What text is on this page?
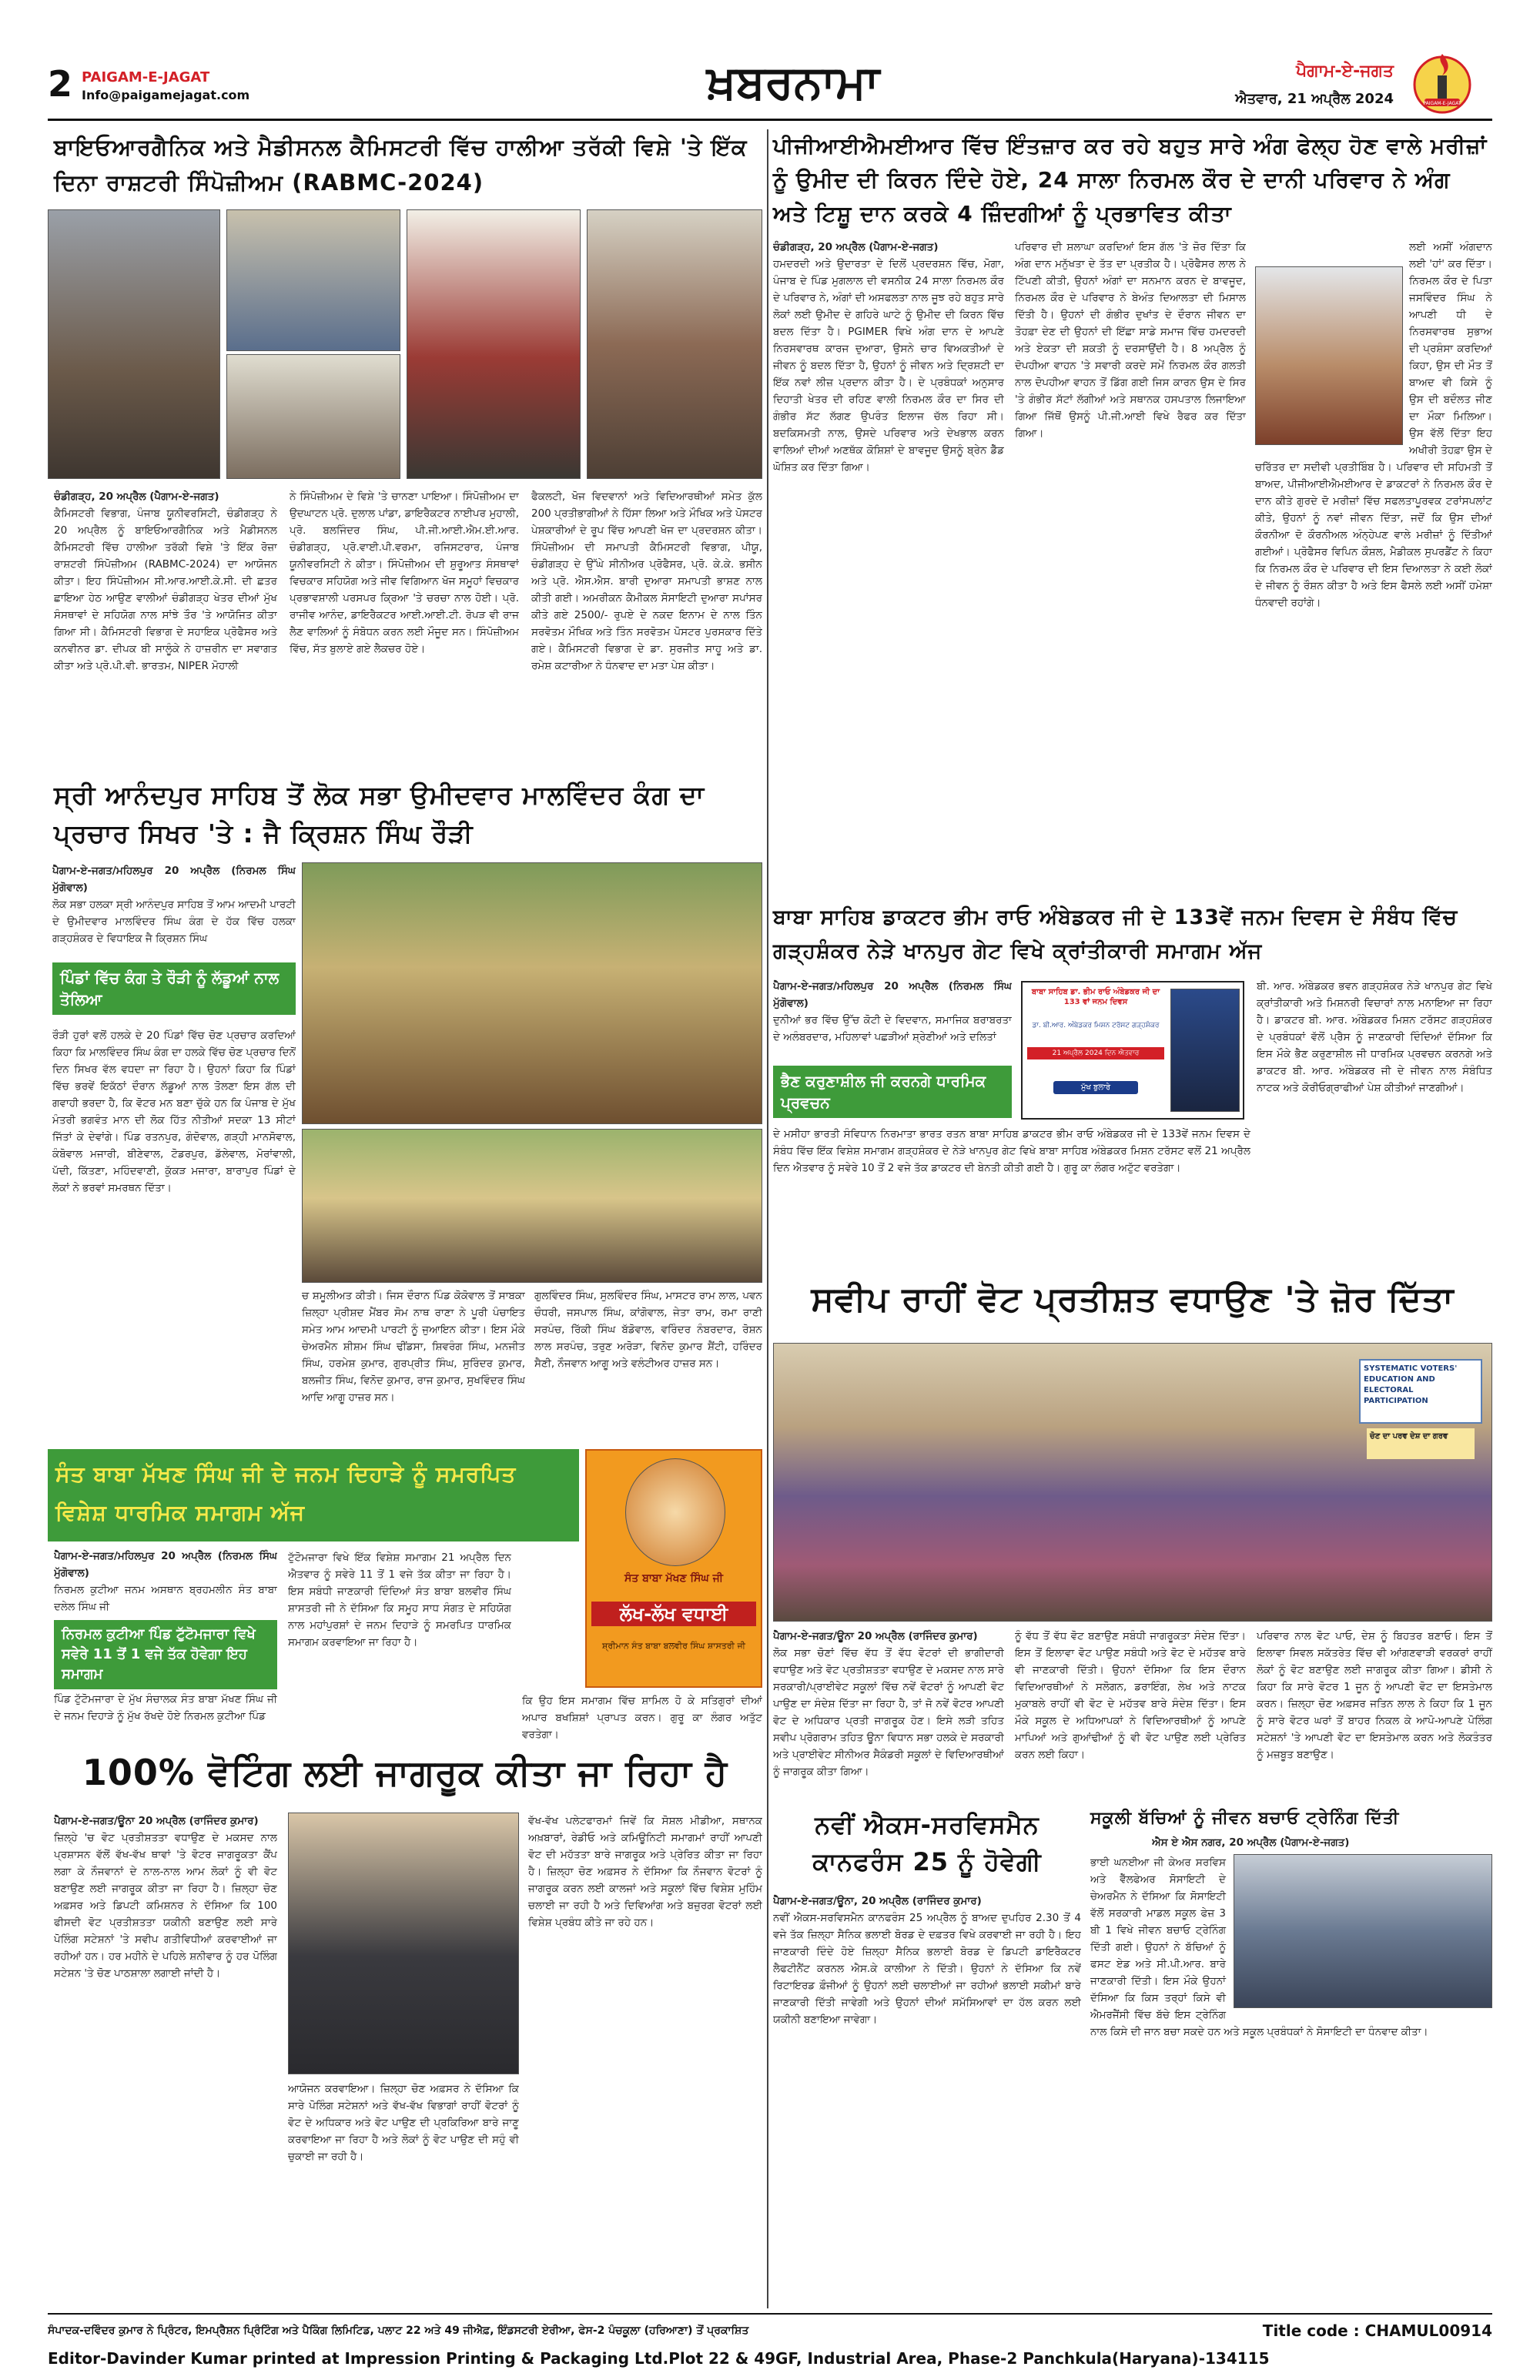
2 PAIGAM-E-JAGAT
Info@paigamejagat.com	ਖ਼ਬਰਨਾਮਾ	ਪੈਗਾਮ-ਏ-ਜਗਤ
ਐਤਵਾਰ, 21 ਅਪ੍ਰੈਲ 2024	PAIGAM-E-JAGAT
ਬਾਇਓਆਰਗੈਨਿਕ ਅਤੇ ਮੈਡੀਸਨਲ ਕੈਮਿਸਟਰੀ ਵਿੱਚ ਹਾਲੀਆ ਤਰੱਕੀ ਵਿਸ਼ੇ 'ਤੇ ਇੱਕ ਦਿਨਾ ਰਾਸ਼ਟਰੀ ਸਿੰਪੋਜ਼ੀਅਮ (RABMC-2024)

ਚੰਡੀਗੜ੍ਹ, 20 ਅਪ੍ਰੈਲ (ਪੈਗਾਮ-ਏ-ਜਗਤ)

ਕੈਮਿਸਟਰੀ ਵਿਭਾਗ, ਪੰਜਾਬ ਯੂਨੀਵਰਸਿਟੀ, ਚੰਡੀਗੜ੍ਹ ਨੇ 20 ਅਪ੍ਰੈਲ ਨੂੰ ਬਾਇਓਆਰਗੈਨਿਕ ਅਤੇ ਮੈਡੀਸਨਲ ਕੈਮਿਸਟਰੀ ਵਿੱਚ ਹਾਲੀਆ ਤਰੱਕੀ ਵਿਸ਼ੇ 'ਤੇ ਇੱਕ ਰੋਜ਼ਾ ਰਾਸ਼ਟਰੀ ਸਿੰਪੋਜ਼ੀਅਮ (RABMC-2024) ਦਾ ਆਯੋਜਨ ਕੀਤਾ। ਇਹ ਸਿੰਪੋਜ਼ੀਅਮ ਸੀ.ਆਰ.ਆਈ.ਕੇ.ਸੀ. ਦੀ ਛਤਰ ਛਾਇਆ ਹੇਠ ਆਉਣ ਵਾਲੀਆਂ ਚੰਡੀਗੜ੍ਹ ਖੇਤਰ ਦੀਆਂ ਮੁੱਖ ਸੰਸਥਾਵਾਂ ਦੇ ਸਹਿਯੋਗ ਨਾਲ ਸਾਂਝੇ ਤੌਰ 'ਤੇ ਆਯੋਜਿਤ ਕੀਤਾ ਗਿਆ ਸੀ। ਕੈਮਿਸਟਰੀ ਵਿਭਾਗ ਦੇ ਸਹਾਇਕ ਪ੍ਰੋਫੈਸਰ ਅਤੇ ਕਨਵੀਨਰ ਡਾ. ਦੀਪਕ ਬੀ ਸਾਲੂੰਕੇ ਨੇ ਹਾਜ਼ਰੀਨ ਦਾ ਸਵਾਗਤ ਕੀਤਾ ਅਤੇ ਪ੍ਰੋ.ਪੀ.ਵੀ. ਭਾਰਤਮ, NIPER ਮੋਹਾਲੀ

ਨੇ ਸਿੰਪੋਜ਼ੀਅਮ ਦੇ ਵਿਸ਼ੇ 'ਤੇ ਚਾਨਣਾ ਪਾਇਆ। ਸਿੰਪੋਜ਼ੀਅਮ ਦਾ ਉਦਘਾਟਨ ਪ੍ਰੋ. ਦੁਲਾਲ ਪਾਂਡਾ, ਡਾਇਰੈਕਟਰ ਨਾਈਪਰ ਮੁਹਾਲੀ, ਪ੍ਰੋ. ਬਲਜਿੰਦਰ ਸਿੰਘ, ਪੀ.ਜੀ.ਆਈ.ਐਮ.ਈ.ਆਰ. ਚੰਡੀਗੜ੍ਹ, ਪ੍ਰੋ.ਵਾਈ.ਪੀ.ਵਰਮਾ, ਰਜਿਸਟਰਾਰ, ਪੰਜਾਬ ਯੂਨੀਵਰਸਿਟੀ ਨੇ ਕੀਤਾ। ਸਿੰਪੋਜ਼ੀਅਮ ਦੀ ਸ਼ੁਰੂਆਤ ਸੰਸਥਾਵਾਂ ਵਿਚਕਾਰ ਸਹਿਯੋਗ ਅਤੇ ਜੀਵ ਵਿਗਿਆਨ ਖੋਜ ਸਮੂਹਾਂ ਵਿਚਕਾਰ ਪ੍ਰਭਾਵਸ਼ਾਲੀ ਪਰਸਪਰ ਕ੍ਰਿਆ 'ਤੇ ਚਰਚਾ ਨਾਲ ਹੋਈ। ਪ੍ਰੋ. ਰਾਜੀਵ ਆਨੰਦ, ਡਾਇਰੈਕਟਰ ਆਈ.ਆਈ.ਟੀ. ਰੋਪੜ ਵੀ ਰਾਜ ਲੈਣ ਵਾਲਿਆਂ ਨੂੰ ਸੰਬੋਧਨ ਕਰਨ ਲਈ ਮੌਜੂਦ ਸਨ। ਸਿੰਪੋਜ਼ੀਅਮ ਵਿੱਚ, ਸੱਤ ਬੁਲਾਏ ਗਏ ਲੈਕਚਰ ਹੋਏ।

ਫੈਕਲਟੀ, ਖੋਜ ਵਿਦਵਾਨਾਂ ਅਤੇ ਵਿਦਿਆਰਥੀਆਂ ਸਮੇਤ ਕੁੱਲ 200 ਪ੍ਰਤੀਭਾਗੀਆਂ ਨੇ ਹਿੱਸਾ ਲਿਆ ਅਤੇ ਮੌਖਿਕ ਅਤੇ ਪੋਸਟਰ ਪੇਸ਼ਕਾਰੀਆਂ ਦੇ ਰੂਪ ਵਿੱਚ ਆਪਣੀ ਖੋਜ ਦਾ ਪ੍ਰਦਰਸ਼ਨ ਕੀਤਾ। ਸਿੰਪੋਜ਼ੀਅਮ ਦੀ ਸਮਾਪਤੀ ਕੈਮਿਸਟਰੀ ਵਿਭਾਗ, ਪੀਯੂ, ਚੰਡੀਗੜ੍ਹ ਦੇ ਉੱਘੇ ਸੀਨੀਅਰ ਪ੍ਰੋਫੈਸਰ, ਪ੍ਰੋ. ਕੇ.ਕੇ. ਭਸੀਨ ਅਤੇ ਪ੍ਰੋ. ਐਸ.ਐਸ. ਬਾਰੀ ਦੁਆਰਾ ਸਮਾਪਤੀ ਭਾਸ਼ਣ ਨਾਲ ਕੀਤੀ ਗਈ। ਅਮਰੀਕਨ ਕੈਮੀਕਲ ਸੋਸਾਇਟੀ ਦੁਆਰਾ ਸਪਾਂਸਰ ਕੀਤੇ ਗਏ 2500/- ਰੁਪਏ ਦੇ ਨਕਦ ਇਨਾਮ ਦੇ ਨਾਲ ਤਿੰਨ ਸਰਵੋਤਮ ਮੌਖਿਕ ਅਤੇ ਤਿੰਨ ਸਰਵੋਤਮ ਪੋਸਟਰ ਪੁਰਸਕਾਰ ਦਿੱਤੇ ਗਏ। ਕੈਮਿਸਟਰੀ ਵਿਭਾਗ ਦੇ ਡਾ. ਸੁਰਜੀਤ ਸਾਹੂ ਅਤੇ ਡਾ. ਰਮੇਸ਼ ਕਟਾਰੀਆ ਨੇ ਧੰਨਵਾਦ ਦਾ ਮਤਾ ਪੇਸ਼ ਕੀਤਾ।

ਪੀਜੀਆਈਐਮਈਆਰ ਵਿੱਚ ਇੰਤਜ਼ਾਰ ਕਰ ਰਹੇ ਬਹੁਤ ਸਾਰੇ ਅੰਗ ਫੇਲ੍ਹ ਹੋਣ ਵਾਲੇ ਮਰੀਜ਼ਾਂ ਨੂੰ ਉਮੀਦ ਦੀ ਕਿਰਨ ਦਿੰਦੇ ਹੋਏ, 24 ਸਾਲਾ ਨਿਰਮਲ ਕੌਰ ਦੇ ਦਾਨੀ ਪਰਿਵਾਰ ਨੇ ਅੰਗ ਅਤੇ ਟਿਸ਼ੂ ਦਾਨ ਕਰਕੇ 4 ਜ਼ਿੰਦਗੀਆਂ ਨੂੰ ਪ੍ਰਭਾਵਿਤ ਕੀਤਾ

ਚੰਡੀਗੜ੍ਹ, 20 ਅਪ੍ਰੈਲ (ਪੈਗਾਮ-ਏ-ਜਗਤ)

ਹਮਦਰਦੀ ਅਤੇ ਉਦਾਰਤਾ ਦੇ ਦਿਲੋਂ ਪ੍ਰਦਰਸ਼ਨ ਵਿੱਚ, ਮੋਗਾ, ਪੰਜਾਬ ਦੇ ਪਿੰਡ ਮੁਗਲਾਲ ਦੀ ਵਸਨੀਕ 24 ਸਾਲਾ ਨਿਰਮਲ ਕੌਰ ਦੇ ਪਰਿਵਾਰ ਨੇ, ਅੰਗਾਂ ਦੀ ਅਸਫਲਤਾ ਨਾਲ ਜੂਝ ਰਹੇ ਬਹੁਤ ਸਾਰੇ ਲੋਕਾਂ ਲਈ ਉਮੀਦ ਦੇ ਗਹਿਰੇ ਘਾਟੇ ਨੂੰ ਉਮੀਦ ਦੀ ਕਿਰਨ ਵਿੱਚ ਬਦਲ ਦਿੱਤਾ ਹੈ। PGIMER ਵਿਖੇ ਅੰਗ ਦਾਨ ਦੇ ਆਪਣੇ ਨਿਰਸਵਾਰਥ ਕਾਰਜ ਦੁਆਰਾ, ਉਸਨੇ ਚਾਰ ਵਿਅਕਤੀਆਂ ਦੇ ਜੀਵਨ ਨੂੰ ਬਦਲ ਦਿੱਤਾ ਹੈ, ਉਹਨਾਂ ਨੂੰ ਜੀਵਨ ਅਤੇ ਦ੍ਰਿਸ਼ਟੀ ਦਾ ਇੱਕ ਨਵਾਂ ਲੀਜ਼ ਪ੍ਰਦਾਨ ਕੀਤਾ ਹੈ। ਦੇ ਪ੍ਰਬੰਧਕਾਂ ਅਨੁਸਾਰ ਦਿਹਾਤੀ ਖੇਤਰ ਦੀ ਰਹਿਣ ਵਾਲੀ ਨਿਰਮਲ ਕੌਰ ਦਾ ਸਿਰ ਦੀ ਗੰਭੀਰ ਸੱਟ ਲੱਗਣ ਉਪਰੰਤ ਇਲਾਜ ਚੱਲ ਰਿਹਾ ਸੀ। ਬਦਕਿਸਮਤੀ ਨਾਲ, ਉਸਦੇ ਪਰਿਵਾਰ ਅਤੇ ਦੇਖਭਾਲ ਕਰਨ ਵਾਲਿਆਂ ਦੀਆਂ ਅਣਥੱਕ ਕੋਸ਼ਿਸ਼ਾਂ ਦੇ ਬਾਵਜੂਦ ਉਸਨੂੰ ਬ੍ਰੇਨ ਡੈੱਡ ਘੋਸ਼ਿਤ ਕਰ ਦਿੱਤਾ ਗਿਆ।

ਪਰਿਵਾਰ ਦੀ ਸ਼ਲਾਘਾ ਕਰਦਿਆਂ ਇਸ ਗੱਲ 'ਤੇ ਜ਼ੋਰ ਦਿੱਤਾ ਕਿ ਅੰਗ ਦਾਨ ਮਨੁੱਖਤਾ ਦੇ ਤੱਤ ਦਾ ਪ੍ਰਤੀਕ ਹੈ। ਪ੍ਰੋਫੈਸਰ ਲਾਲ ਨੇ ਟਿੱਪਣੀ ਕੀਤੀ, ਉਹਨਾਂ ਅੰਗਾਂ ਦਾ ਸਨਮਾਨ ਕਰਨ ਦੇ ਬਾਵਜੂਦ, ਨਿਰਮਲ ਕੌਰ ਦੇ ਪਰਿਵਾਰ ਨੇ ਬੇਅੰਤ ਦਿਆਲਤਾ ਦੀ ਮਿਸਾਲ ਦਿੱਤੀ ਹੈ। ਉਹਨਾਂ ਦੀ ਗੰਭੀਰ ਦੁਖਾਂਤ ਦੇ ਦੌਰਾਨ ਜੀਵਨ ਦਾ ਤੋਹਫ਼ਾ ਦੇਣ ਦੀ ਉਹਨਾਂ ਦੀ ਇੱਛਾ ਸਾਡੇ ਸਮਾਜ ਵਿੱਚ ਹਮਦਰਦੀ ਅਤੇ ਏਕਤਾ ਦੀ ਸ਼ਕਤੀ ਨੂੰ ਦਰਸਾਉਂਦੀ ਹੈ। 8 ਅਪ੍ਰੈਲ ਨੂੰ ਦੋਪਹੀਆ ਵਾਹਨ 'ਤੇ ਸਵਾਰੀ ਕਰਦੇ ਸਮੇਂ ਨਿਰਮਲ ਕੌਰ ਗਲਤੀ ਨਾਲ ਦੋਪਹੀਆ ਵਾਹਨ ਤੋਂ ਡਿੱਗ ਗਈ ਜਿਸ ਕਾਰਨ ਉਸ ਦੇ ਸਿਰ 'ਤੇ ਗੰਭੀਰ ਸੱਟਾਂ ਲੱਗੀਆਂ ਅਤੇ ਸਥਾਨਕ ਹਸਪਤਾਲ ਲਿਜਾਇਆ ਗਿਆ ਜਿੱਥੋਂ ਉਸਨੂੰ ਪੀ.ਜੀ.ਆਈ ਵਿਖੇ ਰੈਫਰ ਕਰ ਦਿੱਤਾ ਗਿਆ।

ਲਈ ਅਸੀਂ ਅੰਗਦਾਨ ਲਈ 'ਹਾਂ' ਕਰ ਦਿੱਤਾ। ਨਿਰਮਲ ਕੌਰ ਦੇ ਪਿਤਾ ਜਸਵਿੰਦਰ ਸਿੰਘ ਨੇ ਆਪਣੀ ਧੀ ਦੇ ਨਿਰਸਵਾਰਥ ਸੁਭਾਅ ਦੀ ਪ੍ਰਸ਼ੰਸਾ ਕਰਦਿਆਂ ਕਿਹਾ, ਉਸ ਦੀ ਮੌਤ ਤੋਂ ਬਾਅਦ ਵੀ ਕਿਸੇ ਨੂੰ ਉਸ ਦੀ ਬਦੌਲਤ ਜੀਣ ਦਾ ਮੌਕਾ ਮਿਲਿਆ। ਉਸ ਵੱਲੋਂ ਦਿੱਤਾ ਇਹ ਅਖੀਰੀ ਤੋਹਫ਼ਾ ਉਸ ਦੇ ਚਰਿੱਤਰ ਦਾ ਸਦੀਵੀ ਪ੍ਰਤੀਬਿੰਬ ਹੈ। ਪਰਿਵਾਰ ਦੀ ਸਹਿਮਤੀ ਤੋਂ ਬਾਅਦ, ਪੀਜੀਆਈਐਮਈਆਰ ਦੇ ਡਾਕਟਰਾਂ ਨੇ ਨਿਰਮਲ ਕੌਰ ਦੇ ਦਾਨ ਕੀਤੇ ਗੁਰਦੇ ਦੋ ਮਰੀਜ਼ਾਂ ਵਿੱਚ ਸਫਲਤਾਪੂਰਵਕ ਟਰਾਂਸਪਲਾਂਟ ਕੀਤੇ, ਉਹਨਾਂ ਨੂੰ ਨਵਾਂ ਜੀਵਨ ਦਿੱਤਾ, ਜਦੋਂ ਕਿ ਉਸ ਦੀਆਂ ਕੌਰਨੀਆ ਦੋ ਕੌਰਨੀਅਲ ਅੰਨ੍ਹੇਪਣ ਵਾਲੇ ਮਰੀਜ਼ਾਂ ਨੂੰ ਦਿੱਤੀਆਂ ਗਈਆਂ। ਪ੍ਰੋਫੈਸਰ ਵਿਪਿਨ ਕੌਸ਼ਲ, ਮੈਡੀਕਲ ਸੁਪਰਡੈਂਟ ਨੇ ਕਿਹਾ ਕਿ ਨਿਰਮਲ ਕੌਰ ਦੇ ਪਰਿਵਾਰ ਦੀ ਇਸ ਦਿਆਲਤਾ ਨੇ ਕਈ ਲੋਕਾਂ ਦੇ ਜੀਵਨ ਨੂੰ ਰੌਸ਼ਨ ਕੀਤਾ ਹੈ ਅਤੇ ਇਸ ਫੈਸਲੇ ਲਈ ਅਸੀਂ ਹਮੇਸ਼ਾ ਧੰਨਵਾਦੀ ਰਹਾਂਗੇ।

ਸ੍ਰੀ ਆਨੰਦਪੁਰ ਸਾਹਿਬ ਤੋਂ ਲੋਕ ਸਭਾ ਉਮੀਦਵਾਰ ਮਾਲਵਿੰਦਰ ਕੰਗ ਦਾ ਪ੍ਰਚਾਰ ਸਿਖਰ 'ਤੇ : ਜੈ ਕ੍ਰਿਸ਼ਨ ਸਿੰਘ ਰੌੜੀ

ਪੈਗਾਮ-ਏ-ਜਗਤ/ਮਹਿਲਪੁਰ 20 ਅਪ੍ਰੈਲ (ਨਿਰਮਲ ਸਿੰਘ ਮੁੱਗੋਵਾਲ)

ਲੋਕ ਸਭਾ ਹਲਕਾ ਸ੍ਰੀ ਆਨੰਦਪੁਰ ਸਾਹਿਬ ਤੋਂ ਆਮ ਆਦਮੀ ਪਾਰਟੀ ਦੇ ਉਮੀਦਵਾਰ ਮਾਲਵਿੰਦਰ ਸਿੰਘ ਕੰਗ ਦੇ ਹੱਕ ਵਿੱਚ ਹਲਕਾ ਗੜ੍ਹਸ਼ੰਕਰ ਦੇ ਵਿਧਾਇਕ ਜੈ ਕ੍ਰਿਸ਼ਨ ਸਿੰਘ

ਪਿੰਡਾਂ ਵਿੱਚ ਕੰਗ ਤੇ ਰੌੜੀ ਨੂੰ ਲੱਡੂਆਂ ਨਾਲ ਤੋਲਿਆ

ਰੌੜੀ ਹੁਰਾਂ ਵਲੋਂ ਹਲਕੇ ਦੇ 20 ਪਿੰਡਾਂ ਵਿੱਚ ਚੋਣ ਪ੍ਰਚਾਰ ਕਰਦਿਆਂ ਕਿਹਾ ਕਿ ਮਾਲਵਿੰਦਰ ਸਿੰਘ ਕੰਗ ਦਾ ਹਲਕੇ ਵਿੱਚ ਚੋਣ ਪ੍ਰਚਾਰ ਦਿਨੋਂ ਦਿਨ ਸਿਖਰ ਵੱਲ ਵਧਦਾ ਜਾ ਰਿਹਾ ਹੈ। ਉਹਨਾਂ ਕਿਹਾ ਕਿ ਪਿੰਡਾਂ ਵਿੱਚ ਭਰਵੇਂ ਇਕੱਠਾਂ ਦੌਰਾਨ ਲੱਡੂਆਂ ਨਾਲ ਤੋਲਣਾ ਇਸ ਗੱਲ ਦੀ ਗਵਾਹੀ ਭਰਦਾ ਹੈ, ਕਿ ਵੋਟਰ ਮਨ ਬਣਾ ਚੁੱਕੇ ਹਨ ਕਿ ਪੰਜਾਬ ਦੇ ਮੁੱਖ ਮੰਤਰੀ ਭਗਵੰਤ ਮਾਨ ਦੀ ਲੋਕ ਹਿੱਤ ਨੀਤੀਆਂ ਸਦਕਾ 13 ਸੀਟਾਂ ਜਿੱਤਾਂ ਕੇ ਦੇਵਾਂਗੇ। ਪਿੰਡ ਰਤਨਪੁਰ, ਗੰਦੋਵਾਲ, ਗੜ੍ਹੀ ਮਾਨਸੋਵਾਲ, ਕੰਬੋਵਾਲ ਮਜਾਰੀ, ਬੀਣੇਵਾਲ, ਟੋਡਰਪੁਰ, ਡੱਲੇਵਾਲ, ਮੋਰਾਂਵਾਲੀ, ਪੱਦੀ, ਕਿੱਤਣਾ, ਮਹਿੰਦਵਾਣੀ, ਕੁੱਕੜ ਮਜਾਰਾ, ਬਾਰਾਪੁਰ ਪਿੰਡਾਂ ਦੇ ਲੋਕਾਂ ਨੇ ਭਰਵਾਂ ਸਮਰਥਨ ਦਿੱਤਾ।

ਚ ਸ਼ਮੂਲੀਅਤ ਕੀਤੀ। ਜਿਸ ਦੌਰਾਨ ਪਿੰਡ ਕੋਕੋਵਾਲ ਤੋਂ ਸਾਬਕਾ ਜ਼ਿਲ੍ਹਾ ਪ੍ਰੀਸ਼ਦ ਮੈਂਬਰ ਸੋਮ ਨਾਥ ਰਾਣਾ ਨੇ ਪੂਰੀ ਪੰਚਾਇਤ ਸਮੇਤ ਆਮ ਆਦਮੀ ਪਾਰਟੀ ਨੂੰ ਜੁਆਇਨ ਕੀਤਾ। ਇਸ ਮੌਕੇ ਚੇਅਰਮੈਨ ਸ਼ੀਸ਼ਮ ਸਿੰਘ ਢੀਂਡਸਾ, ਸ਼ਿਵਰੰਗ ਸਿੰਘ, ਮਨਜੀਤ ਸਿੰਘ, ਹਰਮੇਸ਼ ਕੁਮਾਰ, ਗੁਰਪ੍ਰੀਤ ਸਿੰਘ, ਸੁਰਿੰਦਰ ਕੁਮਾਰ, ਬਲਜੀਤ ਸਿੰਘ, ਵਿਨੋਦ ਕੁਮਾਰ, ਰਾਜ ਕੁਮਾਰ, ਸੁਖਵਿੰਦਰ ਸਿੰਘ ਆਦਿ ਆਗੂ ਹਾਜ਼ਰ ਸਨ।

ਗੁਲਵਿੰਦਰ ਸਿੰਘ, ਸੁਲਵਿੰਦਰ ਸਿੰਘ, ਮਾਸਟਰ ਰਾਮ ਲਾਲ, ਪਵਨ ਚੌਧਰੀ, ਜਸਪਾਲ ਸਿੰਘ, ਕਾਂਗੋਵਾਲ, ਜੇਤਾ ਰਾਮ, ਰਮਾ ਰਾਣੀ ਸਰਪੰਚ, ਰਿੱਕੀ ਸਿੰਘ ਬੱਡੋਵਾਲ, ਵਰਿੰਦਰ ਨੰਬਰਦਾਰ, ਰੋਸ਼ਨ ਲਾਲ ਸਰਪੰਚ, ਤਰੁਣ ਅਰੋੜਾ, ਵਿਨੋਦ ਕੁਮਾਰ ਸ਼ੈਂਟੀ, ਹਰਿੰਦਰ ਸੈਣੀ, ਨੌਜਵਾਨ ਆਗੂ ਅਤੇ ਵਲੰਟੀਅਰ ਹਾਜ਼ਰ ਸਨ।

ਬਾਬਾ ਸਾਹਿਬ ਡਾਕਟਰ ਭੀਮ ਰਾਓ ਅੰਬੇਡਕਰ ਜੀ ਦੇ 133ਵੇਂ ਜਨਮ ਦਿਵਸ ਦੇ ਸੰਬੰਧ ਵਿੱਚ ਗੜ੍ਹਸ਼ੰਕਰ ਨੇੜੇ ਖਾਨਪੁਰ ਗੇਟ ਵਿਖੇ ਕ੍ਰਾਂਤੀਕਾਰੀ ਸਮਾਗਮ ਅੱਜ

ਪੈਗਾਮ-ਏ-ਜਗਤ/ਮਹਿਲਪੁਰ 20 ਅਪ੍ਰੈਲ (ਨਿਰਮਲ ਸਿੰਘ ਮੁੱਗੋਵਾਲ)

ਦੁਨੀਆਂ ਭਰ ਵਿੱਚ ਉੱਚ ਕੋਟੀ ਦੇ ਵਿਦਵਾਨ, ਸਮਾਜਿਕ ਬਰਾਬਰਤਾ ਦੇ ਅਲੰਬਰਦਾਰ, ਮਹਿਲਾਵਾਂ ਪਛੜੀਆਂ ਸ਼੍ਰੇਣੀਆਂ ਅਤੇ ਦਲਿਤਾਂ

ਭੈਣ ਕਰੁਣਾਸ਼ੀਲ ਜੀ ਕਰਨਗੇ ਧਾਰਮਿਕ ਪ੍ਰਵਚਨ

ਦੇ ਮਸੀਹਾ ਭਾਰਤੀ ਸੰਵਿਧਾਨ ਨਿਰਮਾਤਾ ਭਾਰਤ ਰਤਨ ਬਾਬਾ ਸਾਹਿਬ ਡਾਕਟਰ ਭੀਮ ਰਾਓ ਅੰਬੇਡਕਰ ਜੀ ਦੇ 133ਵੇਂ ਜਨਮ ਦਿਵਸ ਦੇ ਸੰਬੰਧ ਵਿੱਚ ਇੱਕ ਵਿਸ਼ੇਸ਼ ਸਮਾਗਮ ਗੜ੍ਹਸ਼ੰਕਰ ਦੇ ਨੇੜੇ ਖਾਨਪੁਰ ਗੇਟ ਵਿਖੇ ਬਾਬਾ ਸਾਹਿਬ ਅੰਬੇਡਕਰ ਮਿਸ਼ਨ ਟਰੱਸਟ ਵਲੋਂ 21 ਅਪ੍ਰੈਲ ਦਿਨ ਐਤਵਾਰ ਨੂੰ ਸਵੇਰੇ 10 ਤੋਂ 2 ਵਜੇ ਤੱਕ ਡਾਕਟਰ ਦੀ ਬੇਨਤੀ ਕੀਤੀ ਗਈ ਹੈ। ਗੁਰੂ ਕਾ ਲੰਗਰ ਅਟੁੱਟ ਵਰਤੇਗਾ।

ਬਾਬਾ ਸਾਹਿਬ ਡਾ. ਭੀਮ ਰਾਓ ਅੰਬੇਡਕਰ ਜੀ ਦਾ 133 ਵਾਂ ਜਨਮ ਦਿਵਸ
ਡਾ. ਬੀ.ਆਰ. ਅੰਬੇਡਕਰ ਮਿਸ਼ਨ ਟਰੱਸਟ ਗੜ੍ਹਸ਼ੰਕਰ
21 ਅਪ੍ਰੈਲ 2024 ਦਿਨ ਐਤਵਾਰ
ਮੁੱਖ ਬੁਲਾਰੇ

ਬੀ. ਆਰ. ਅੰਬੇਡਕਰ ਭਵਨ ਗੜ੍ਹਸ਼ੰਕਰ ਨੇੜੇ ਖਾਨਪੁਰ ਗੇਟ ਵਿਖੇ ਕ੍ਰਾਂਤੀਕਾਰੀ ਅਤੇ ਮਿਸ਼ਨਰੀ ਵਿਚਾਰਾਂ ਨਾਲ ਮਨਾਇਆ ਜਾ ਰਿਹਾ ਹੈ। ਡਾਕਟਰ ਬੀ. ਆਰ. ਅੰਬੇਡਕਰ ਮਿਸ਼ਨ ਟਰੱਸਟ ਗੜ੍ਹਸ਼ੰਕਰ ਦੇ ਪ੍ਰਬੰਧਕਾਂ ਵੱਲੋਂ ਪ੍ਰੈਸ ਨੂੰ ਜਾਣਕਾਰੀ ਦਿੰਦਿਆਂ ਦੱਸਿਆ ਕਿ ਇਸ ਮੌਕੇ ਭੈਣ ਕਰੁਣਾਸ਼ੀਲ ਜੀ ਧਾਰਮਿਕ ਪ੍ਰਵਚਨ ਕਰਨਗੇ ਅਤੇ ਡਾਕਟਰ ਬੀ. ਆਰ. ਅੰਬੇਡਕਰ ਜੀ ਦੇ ਜੀਵਨ ਨਾਲ ਸੰਬੰਧਿਤ ਨਾਟਕ ਅਤੇ ਕੋਰੀਓਗ੍ਰਾਫੀਆਂ ਪੇਸ਼ ਕੀਤੀਆਂ ਜਾਣਗੀਆਂ।

ਸਵੀਪ ਰਾਹੀਂ ਵੋਟ ਪ੍ਰਤੀਸ਼ਤ ਵਧਾਉਣ 'ਤੇ ਜ਼ੋਰ ਦਿੱਤਾ
SYSTEMATIC VOTERS' EDUCATION AND ELECTORAL PARTICIPATION
ਚੋਣ ਦਾ ਪਰਵ ਦੇਸ਼ ਦਾ ਗਰਵ

ਪੈਗਾਮ-ਏ-ਜਗਤ/ਊਨਾ 20 ਅਪ੍ਰੈਲ (ਰਾਜਿੰਦਰ ਕੁਮਾਰ)

ਲੋਕ ਸਭਾ ਚੋਣਾਂ ਵਿੱਚ ਵੱਧ ਤੋਂ ਵੱਧ ਵੋਟਰਾਂ ਦੀ ਭਾਗੀਦਾਰੀ ਵਧਾਉਣ ਅਤੇ ਵੋਟ ਪ੍ਰਤੀਸ਼ਤਤਾ ਵਧਾਉਣ ਦੇ ਮਕਸਦ ਨਾਲ ਸਾਰੇ ਸਰਕਾਰੀ/ਪ੍ਰਾਈਵੇਟ ਸਕੂਲਾਂ ਵਿੱਚ ਨਵੇਂ ਵੋਟਰਾਂ ਨੂੰ ਆਪਣੀ ਵੋਟ ਪਾਉਣ ਦਾ ਸੰਦੇਸ਼ ਦਿੱਤਾ ਜਾ ਰਿਹਾ ਹੈ, ਤਾਂ ਜੋ ਨਵੇਂ ਵੋਟਰ ਆਪਣੀ ਵੋਟ ਦੇ ਅਧਿਕਾਰ ਪ੍ਰਤੀ ਜਾਗਰੂਕ ਹੋਣ। ਇਸੇ ਲੜੀ ਤਹਿਤ ਸਵੀਪ ਪ੍ਰੋਗਰਾਮ ਤਹਿਤ ਊਨਾ ਵਿਧਾਨ ਸਭਾ ਹਲਕੇ ਦੇ ਸਰਕਾਰੀ ਅਤੇ ਪ੍ਰਾਈਵੇਟ ਸੀਨੀਅਰ ਸੈਕੰਡਰੀ ਸਕੂਲਾਂ ਦੇ ਵਿਦਿਆਰਥੀਆਂ ਨੂੰ ਜਾਗਰੂਕ ਕੀਤਾ ਗਿਆ।

ਨੂੰ ਵੱਧ ਤੋਂ ਵੱਧ ਵੋਟ ਬਣਾਉਣ ਸਬੰਧੀ ਜਾਗਰੂਕਤਾ ਸੰਦੇਸ਼ ਦਿੱਤਾ। ਇਸ ਤੋਂ ਇਲਾਵਾ ਵੋਟ ਪਾਉਣ ਸਬੰਧੀ ਅਤੇ ਵੋਟ ਦੇ ਮਹੱਤਵ ਬਾਰੇ ਵੀ ਜਾਣਕਾਰੀ ਦਿੱਤੀ। ਉਹਨਾਂ ਦੱਸਿਆ ਕਿ ਇਸ ਦੌਰਾਨ ਵਿਦਿਆਰਥੀਆਂ ਨੇ ਸਲੋਗਨ, ਡਰਾਇੰਗ, ਲੇਖ ਅਤੇ ਨਾਟਕ ਮੁਕਾਬਲੇ ਰਾਹੀਂ ਵੀ ਵੋਟ ਦੇ ਮਹੱਤਵ ਬਾਰੇ ਸੰਦੇਸ਼ ਦਿੱਤਾ। ਇਸ ਮੌਕੇ ਸਕੂਲ ਦੇ ਅਧਿਆਪਕਾਂ ਨੇ ਵਿਦਿਆਰਥੀਆਂ ਨੂੰ ਆਪਣੇ ਮਾਪਿਆਂ ਅਤੇ ਗੁਆਂਢੀਆਂ ਨੂੰ ਵੀ ਵੋਟ ਪਾਉਣ ਲਈ ਪ੍ਰੇਰਿਤ ਕਰਨ ਲਈ ਕਿਹਾ।

ਪਰਿਵਾਰ ਨਾਲ ਵੋਟ ਪਾਓ, ਦੇਸ਼ ਨੂੰ ਬਿਹਤਰ ਬਣਾਓ। ਇਸ ਤੋਂ ਇਲਾਵਾ ਸਿਵਲ ਸਕੱਤਰੇਤ ਵਿੱਚ ਵੀ ਆਂਗਣਵਾੜੀ ਵਰਕਰਾਂ ਰਾਹੀਂ ਲੋਕਾਂ ਨੂੰ ਵੋਟ ਬਣਾਉਣ ਲਈ ਜਾਗਰੂਕ ਕੀਤਾ ਗਿਆ। ਡੀਸੀ ਨੇ ਕਿਹਾ ਕਿ ਸਾਰੇ ਵੋਟਰ 1 ਜੂਨ ਨੂੰ ਆਪਣੀ ਵੋਟ ਦਾ ਇਸਤੇਮਾਲ ਕਰਨ। ਜ਼ਿਲ੍ਹਾ ਚੋਣ ਅਫ਼ਸਰ ਜਤਿਨ ਲਾਲ ਨੇ ਕਿਹਾ ਕਿ 1 ਜੂਨ ਨੂੰ ਸਾਰੇ ਵੋਟਰ ਘਰਾਂ ਤੋਂ ਬਾਹਰ ਨਿਕਲ ਕੇ ਆਪੋ-ਆਪਣੇ ਪੋਲਿੰਗ ਸਟੇਸ਼ਨਾਂ 'ਤੇ ਆਪਣੀ ਵੋਟ ਦਾ ਇਸਤੇਮਾਲ ਕਰਨ ਅਤੇ ਲੋਕਤੰਤਰ ਨੂੰ ਮਜ਼ਬੂਤ ਬਣਾਉਣ।

ਸੰਤ ਬਾਬਾ ਮੱਖਣ ਸਿੰਘ ਜੀ ਦੇ ਜਨਮ ਦਿਹਾੜੇ ਨੂੰ ਸਮਰਪਿਤ ਵਿਸ਼ੇਸ਼ ਧਾਰਮਿਕ ਸਮਾਗਮ ਅੱਜ

ਪੈਗਾਮ-ਏ-ਜਗਤ/ਮਹਿਲਪੁਰ 20 ਅਪ੍ਰੈਲ (ਨਿਰਮਲ ਸਿੰਘ ਮੁੱਗੋਵਾਲ)

ਨਿਰਮਲ ਕੁਟੀਆ ਜਨਮ ਅਸਥਾਨ ਬ੍ਰਹਮਲੀਨ ਸੰਤ ਬਾਬਾ ਦਲੇਲ ਸਿੰਘ ਜੀ

ਨਿਰਮਲ ਕੁਟੀਆ ਪਿੰਡ ਟੁੱਟੋਮਜਾਰਾ ਵਿਖੇ ਸਵੇਰੇ 11 ਤੋਂ 1 ਵਜੇ ਤੱਕ ਹੋਵੇਗਾ ਇਹ ਸਮਾਗਮ

ਪਿੰਡ ਟੁੱਟੋਮਜਾਰਾ ਦੇ ਮੁੱਖ ਸੰਚਾਲਕ ਸੰਤ ਬਾਬਾ ਮੱਖਣ ਸਿੰਘ ਜੀ ਦੇ ਜਨਮ ਦਿਹਾੜੇ ਨੂੰ ਮੁੱਖ ਰੱਖਦੇ ਹੋਏ ਨਿਰਮਲ ਕੁਟੀਆ ਪਿੰਡ

ਟੁੱਟੋਮਜਾਰਾ ਵਿਖੇ ਇੱਕ ਵਿਸ਼ੇਸ਼ ਸਮਾਗਮ 21 ਅਪ੍ਰੈਲ ਦਿਨ ਐਤਵਾਰ ਨੂੰ ਸਵੇਰੇ 11 ਤੋਂ 1 ਵਜੇ ਤੱਕ ਕੀਤਾ ਜਾ ਰਿਹਾ ਹੈ। ਇਸ ਸਬੰਧੀ ਜਾਣਕਾਰੀ ਦਿੰਦਿਆਂ ਸੰਤ ਬਾਬਾ ਬਲਵੀਰ ਸਿੰਘ ਸ਼ਾਸਤਰੀ ਜੀ ਨੇ ਦੱਸਿਆ ਕਿ ਸਮੂਹ ਸਾਧ ਸੰਗਤ ਦੇ ਸਹਿਯੋਗ ਨਾਲ ਮਹਾਂਪੁਰਸ਼ਾਂ ਦੇ ਜਨਮ ਦਿਹਾੜੇ ਨੂੰ ਸਮਰਪਿਤ ਧਾਰਮਿਕ ਸਮਾਗਮ ਕਰਵਾਇਆ ਜਾ ਰਿਹਾ ਹੈ।

ਸੰਤ ਬਾਬਾ ਮੱਖਣ ਸਿੰਘ ਜੀ
ਲੱਖ-ਲੱਖ ਵਧਾਈ
ਸ਼੍ਰੀਮਾਨ ਸੰਤ ਬਾਬਾ ਬਲਵੀਰ ਸਿੰਘ ਸ਼ਾਸਤਰੀ ਜੀ

ਕਿ ਉਹ ਇਸ ਸਮਾਗਮ ਵਿੱਚ ਸ਼ਾਮਿਲ ਹੋ ਕੇ ਸਤਿਗੁਰਾਂ ਦੀਆਂ ਅਪਾਰ ਬਖਸ਼ਿਸ਼ਾਂ ਪ੍ਰਾਪਤ ਕਰਨ। ਗੁਰੂ ਕਾ ਲੰਗਰ ਅਤੁੱਟ ਵਰਤੇਗਾ।

100% ਵੋਟਿੰਗ ਲਈ ਜਾਗਰੂਕ ਕੀਤਾ ਜਾ ਰਿਹਾ ਹੈ

ਪੈਗਾਮ-ਏ-ਜਗਤ/ਊਨਾ 20 ਅਪ੍ਰੈਲ (ਰਾਜਿੰਦਰ ਕੁਮਾਰ)

ਜ਼ਿਲ੍ਹੇ 'ਚ ਵੋਟ ਪ੍ਰਤੀਸ਼ਤਤਾ ਵਧਾਉਣ ਦੇ ਮਕਸਦ ਨਾਲ ਪ੍ਰਸ਼ਾਸਨ ਵੱਲੋਂ ਵੱਖ-ਵੱਖ ਥਾਵਾਂ 'ਤੇ ਵੋਟਰ ਜਾਗਰੂਕਤਾ ਕੈਂਪ ਲਗਾ ਕੇ ਨੌਜਵਾਨਾਂ ਦੇ ਨਾਲ-ਨਾਲ ਆਮ ਲੋਕਾਂ ਨੂੰ ਵੀ ਵੋਟ ਬਣਾਉਣ ਲਈ ਜਾਗਰੂਕ ਕੀਤਾ ਜਾ ਰਿਹਾ ਹੈ। ਜ਼ਿਲ੍ਹਾ ਚੋਣ ਅਫ਼ਸਰ ਅਤੇ ਡਿਪਟੀ ਕਮਿਸ਼ਨਰ ਨੇ ਦੱਸਿਆ ਕਿ 100 ਫੀਸਦੀ ਵੋਟ ਪ੍ਰਤੀਸ਼ਤਤਾ ਯਕੀਨੀ ਬਣਾਉਣ ਲਈ ਸਾਰੇ ਪੋਲਿੰਗ ਸਟੇਸ਼ਨਾਂ 'ਤੇ ਸਵੀਪ ਗਤੀਵਿਧੀਆਂ ਕਰਵਾਈਆਂ ਜਾ ਰਹੀਆਂ ਹਨ। ਹਰ ਮਹੀਨੇ ਦੇ ਪਹਿਲੇ ਸ਼ਨੀਵਾਰ ਨੂੰ ਹਰ ਪੋਲਿੰਗ ਸਟੇਸ਼ਨ 'ਤੇ ਚੋਣ ਪਾਠਸ਼ਾਲਾ ਲਗਾਈ ਜਾਂਦੀ ਹੈ।

ਵੱਖ-ਵੱਖ ਪਲੇਟਫਾਰਮਾਂ ਜਿਵੇਂ ਕਿ ਸੋਸ਼ਲ ਮੀਡੀਆ, ਸਥਾਨਕ ਅਖ਼ਬਾਰਾਂ, ਰੇਡੀਓ ਅਤੇ ਕਮਿਊਨਿਟੀ ਸਮਾਗਮਾਂ ਰਾਹੀਂ ਆਪਣੀ ਵੋਟ ਦੀ ਮਹੱਤਤਾ ਬਾਰੇ ਜਾਗਰੂਕ ਅਤੇ ਪ੍ਰੇਰਿਤ ਕੀਤਾ ਜਾ ਰਿਹਾ ਹੈ। ਜ਼ਿਲ੍ਹਾ ਚੋਣ ਅਫ਼ਸਰ ਨੇ ਦੱਸਿਆ ਕਿ ਨੌਜਵਾਨ ਵੋਟਰਾਂ ਨੂੰ ਜਾਗਰੂਕ ਕਰਨ ਲਈ ਕਾਲਜਾਂ ਅਤੇ ਸਕੂਲਾਂ ਵਿੱਚ ਵਿਸ਼ੇਸ਼ ਮੁਹਿੰਮ ਚਲਾਈ ਜਾ ਰਹੀ ਹੈ ਅਤੇ ਦਿਵਿਆਂਗ ਅਤੇ ਬਜ਼ੁਰਗ ਵੋਟਰਾਂ ਲਈ ਵਿਸ਼ੇਸ਼ ਪ੍ਰਬੰਧ ਕੀਤੇ ਜਾ ਰਹੇ ਹਨ।

ਆਯੋਜਨ ਕਰਵਾਇਆ। ਜ਼ਿਲ੍ਹਾ ਚੋਣ ਅਫ਼ਸਰ ਨੇ ਦੱਸਿਆ ਕਿ ਸਾਰੇ ਪੋਲਿੰਗ ਸਟੇਸ਼ਨਾਂ ਅਤੇ ਵੱਖ-ਵੱਖ ਵਿਭਾਗਾਂ ਰਾਹੀਂ ਵੋਟਰਾਂ ਨੂੰ ਵੋਟ ਦੇ ਅਧਿਕਾਰ ਅਤੇ ਵੋਟ ਪਾਉਣ ਦੀ ਪ੍ਰਕਿਰਿਆ ਬਾਰੇ ਜਾਣੂ ਕਰਵਾਇਆ ਜਾ ਰਿਹਾ ਹੈ ਅਤੇ ਲੋਕਾਂ ਨੂੰ ਵੋਟ ਪਾਉਣ ਦੀ ਸਹੁੰ ਵੀ ਚੁਕਾਈ ਜਾ ਰਹੀ ਹੈ।

ਨਵੀਂ ਐਕਸ-ਸਰਵਿਸਮੈਨ ਕਾਨਫਰੰਸ 25 ਨੂੰ ਹੋਵੇਗੀ

ਪੈਗਾਮ-ਏ-ਜਗਤ/ਊਨਾ, 20 ਅਪ੍ਰੈਲ (ਰਾਜਿੰਦਰ ਕੁਮਾਰ)

ਨਵੀਂ ਐਕਸ-ਸਰਵਿਸਮੈਨ ਕਾਨਫਰੰਸ 25 ਅਪ੍ਰੈਲ ਨੂੰ ਬਾਅਦ ਦੁਪਹਿਰ 2.30 ਤੋਂ 4 ਵਜੇ ਤੱਕ ਜ਼ਿਲ੍ਹਾ ਸੈਨਿਕ ਭਲਾਈ ਬੋਰਡ ਦੇ ਦਫ਼ਤਰ ਵਿਖੇ ਕਰਵਾਈ ਜਾ ਰਹੀ ਹੈ। ਇਹ ਜਾਣਕਾਰੀ ਦਿੰਦੇ ਹੋਏ ਜ਼ਿਲ੍ਹਾ ਸੈਨਿਕ ਭਲਾਈ ਬੋਰਡ ਦੇ ਡਿਪਟੀ ਡਾਇਰੈਕਟਰ ਲੈਫਟੀਨੈਂਟ ਕਰਨਲ ਐਸ.ਕੇ ਕਾਲੀਆ ਨੇ ਦਿੱਤੀ। ਉਹਨਾਂ ਨੇ ਦੱਸਿਆ ਕਿ ਨਵੇਂ ਰਿਟਾਇਰਡ ਫ਼ੌਜੀਆਂ ਨੂੰ ਉਹਨਾਂ ਲਈ ਚਲਾਈਆਂ ਜਾ ਰਹੀਆਂ ਭਲਾਈ ਸਕੀਮਾਂ ਬਾਰੇ ਜਾਣਕਾਰੀ ਦਿੱਤੀ ਜਾਵੇਗੀ ਅਤੇ ਉਹਨਾਂ ਦੀਆਂ ਸਮੱਸਿਆਵਾਂ ਦਾ ਹੱਲ ਕਰਨ ਲਈ ਯਕੀਨੀ ਬਣਾਇਆ ਜਾਵੇਗਾ।

ਸਕੂਲੀ ਬੱਚਿਆਂ ਨੂੰ ਜੀਵਨ ਬਚਾਓ ਟ੍ਰੇਨਿੰਗ ਦਿੱਤੀ

ਐਸ ਏ ਐਸ ਨਗਰ, 20 ਅਪ੍ਰੈਲ (ਪੈਗਾਮ-ਏ-ਜਗਤ)

ਭਾਈ ਘਨਈਆ ਜੀ ਕੇਅਰ ਸਰਵਿਸ ਅਤੇ ਵੈੱਲਫੇਅਰ ਸੋਸਾਇਟੀ ਦੇ ਚੇਅਰਮੈਨ ਨੇ ਦੱਸਿਆ ਕਿ ਸੋਸਾਇਟੀ ਵੱਲੋਂ ਸਰਕਾਰੀ ਮਾਡਲ ਸਕੂਲ ਫੇਜ਼ 3 ਬੀ 1 ਵਿਖੇ ਜੀਵਨ ਬਚਾਓ ਟ੍ਰੇਨਿੰਗ ਦਿੱਤੀ ਗਈ। ਉਹਨਾਂ ਨੇ ਬੱਚਿਆਂ ਨੂੰ ਫਸਟ ਏਡ ਅਤੇ ਸੀ.ਪੀ.ਆਰ. ਬਾਰੇ ਜਾਣਕਾਰੀ ਦਿੱਤੀ। ਇਸ ਮੌਕੇ ਉਹਨਾਂ ਦੱਸਿਆ ਕਿ ਕਿਸ ਤਰ੍ਹਾਂ ਕਿਸੇ ਵੀ ਐਮਰਜੈਂਸੀ ਵਿੱਚ ਬੱਚੇ ਇਸ ਟ੍ਰੇਨਿੰਗ ਨਾਲ ਕਿਸੇ ਦੀ ਜਾਨ ਬਚਾ ਸਕਦੇ ਹਨ ਅਤੇ ਸਕੂਲ ਪ੍ਰਬੰਧਕਾਂ ਨੇ ਸੋਸਾਇਟੀ ਦਾ ਧੰਨਵਾਦ ਕੀਤਾ।

ਸੰਪਾਦਕ-ਦਵਿੰਦਰ ਕੁਮਾਰ ਨੇ ਪ੍ਰਿੰਟਰ, ਇਮਪ੍ਰੈਸ਼ਨ ਪ੍ਰਿੰਟਿੰਗ ਅਤੇ ਪੈਕਿੰਗ ਲਿਮਿਟਿਡ, ਪਲਾਟ 22 ਅਤੇ 49 ਜੀਐਫ਼, ਇੰਡਸਟਰੀ ਏਰੀਆ, ਫੇਸ-2 ਪੰਚਕੂਲਾ (ਹਰਿਆਣਾ) ਤੋਂ ਪ੍ਰਕਾਸ਼ਿਤ	Title code : CHAMUL00914
Editor-Davinder Kumar printed at Impression Printing & Packaging Ltd.Plot 22 & 49GF, Industrial Area, Phase-2 Panchkula(Haryana)-134115
